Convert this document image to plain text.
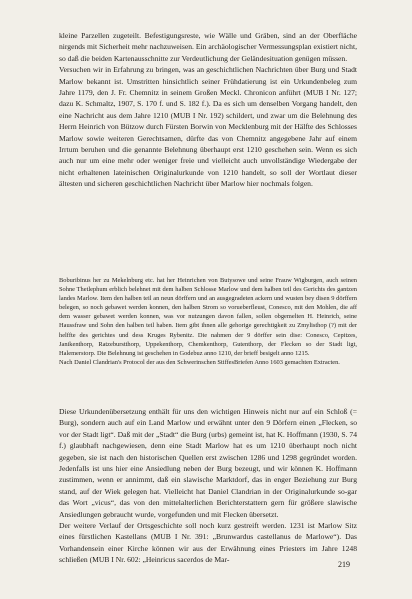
kleine Parzellen zugeteilt. Befestigungsreste, wie Wälle und Gräben, sind an der Oberfläche nirgends mit Sicherheit mehr nachzuweisen. Ein archäologischer Vermessungsplan existiert nicht, so daß die beiden Kartenausschnitte zur Verdeutlichung der Geländesituation genügen müssen.

Versuchen wir in Erfahrung zu bringen, was an geschichtlichen Nachrichten über Burg und Stadt Marlow bekannt ist. Umstritten hinsichtlich seiner Frühdatierung ist ein Urkundenbeleg zum Jahre 1179, den J. Fr. Chemnitz in seinem Großen Meckl. Chronicon anführt (MUB I Nr. 127; dazu K. Schmaltz, 1907, S. 170 f. und S. 182 f.). Da es sich um denselben Vorgang handelt, den eine Nachricht aus dem Jahre 1210 (MUB I Nr. 192) schildert, und zwar um die Belehnung des Herrn Heinrich von Bützow durch Fürsten Borwin von Mecklenburg mit der Hälfte des Schlosses Marlow sowie weiteren Gerechtsamen, dürfte das von Chemnitz angegebene Jahr auf einem Irrtum beruhen und die genannte Belehnung überhaupt erst 1210 geschehen sein. Wenn es sich auch nur um eine mehr oder weniger freie und vielleicht auch unvollständige Wiedergabe der nicht erhaltenen lateinischen Originalurkunde von 1210 handelt, so soll der Wortlaut dieser ältesten und sicheren geschichtlichen Nachricht über Marlow hier nochmals folgen.

Boburibinus her zu Mekelnburg etc. hat her Heinrichen von Butysowe und seine Frauw Wigburgen, auch seinen Sohne Thetlephum erblich belehnet mit dem halben Schlosse Marlow und dem halben teil des Gerichts des gantzen landes Marlow. Item den halben teil an neun dörffern und an ausgegradeten ackern und wusten bey disen 9 dörffern belegen, so noch gebawet werden konnen, den halben Strom so vorueberfleust, Conesco, mit den Mohlen, die aff dem wasser gebawet werden konnen, was vor nutzungen davon fallen, sollen obgemelten H. Heinrich, seine Haussfraw und Sohn den halben teil haben. Item gibt ihnen alle gehorige gerechtigkeit zu Zmylisthop (?) mit der helffte des gerichtes und dess Kruges Rybenitz. Die nahmen der 9 dörffer sein dise: Conesco, Cepitzes, Janikenthorp, Ratzeburstthorp, Uppekenthorp, Chemkenthorp, Gutenthorp, der Flecken so der Stadt ligt, Halemerstorp. Die Belehnung ist geschehen in Godebuz anno 1210, der brieff besigelt anno 1215.

Nach Daniel Clandrian's Protocol der aus den Schwerinschen StiffesBriefen Anno 1603 gemachten Extracten.

Diese Urkundenübersetzung enthält für uns den wichtigen Hinweis nicht nur auf ein Schloß (= Burg), sondern auch auf ein Land Marlow und erwähnt unter den 9 Dörfern einen „Flecken, so vor der Stadt ligt“. Daß mit der „Stadt“ die Burg (urbs) gemeint ist, hat K. Hoffmann (1930, S. 74 f.) glaubhaft nachgewiesen, denn eine Stadt Marlow hat es um 1210 überhaupt noch nicht gegeben, sie ist nach den historischen Quellen erst zwischen 1286 und 1298 gegründet worden. Jedenfalls ist uns hier eine Ansiedlung neben der Burg bezeugt, und wir können K. Hoffmann zustimmen, wenn er annimmt, daß ein slawische Marktdorf, das in enger Beziehung zur Burg stand, auf der Wiek gelegen hat. Vielleicht hat Daniel Clandrian in der Originalurkunde so-gar das Wort „vicus“, das von den mittelalterlichen Berichterstattern gern für größere slawische Ansiedlungen gebraucht wurde, vorgefunden und mit Flecken übersetzt.

Der weitere Verlauf der Ortsgeschichte soll noch kurz gestreift werden. 1231 ist Marlow Sitz eines fürstlichen Kastellans (MUB I Nr. 391: „Brunwardus castellanus de Marlowe“). Das Vorhandensein einer Kirche können wir aus der Erwähnung eines Priesters im Jahre 1248 schließen (MUB I Nr. 602: „Heinricus sacerdos de Mar-

219
